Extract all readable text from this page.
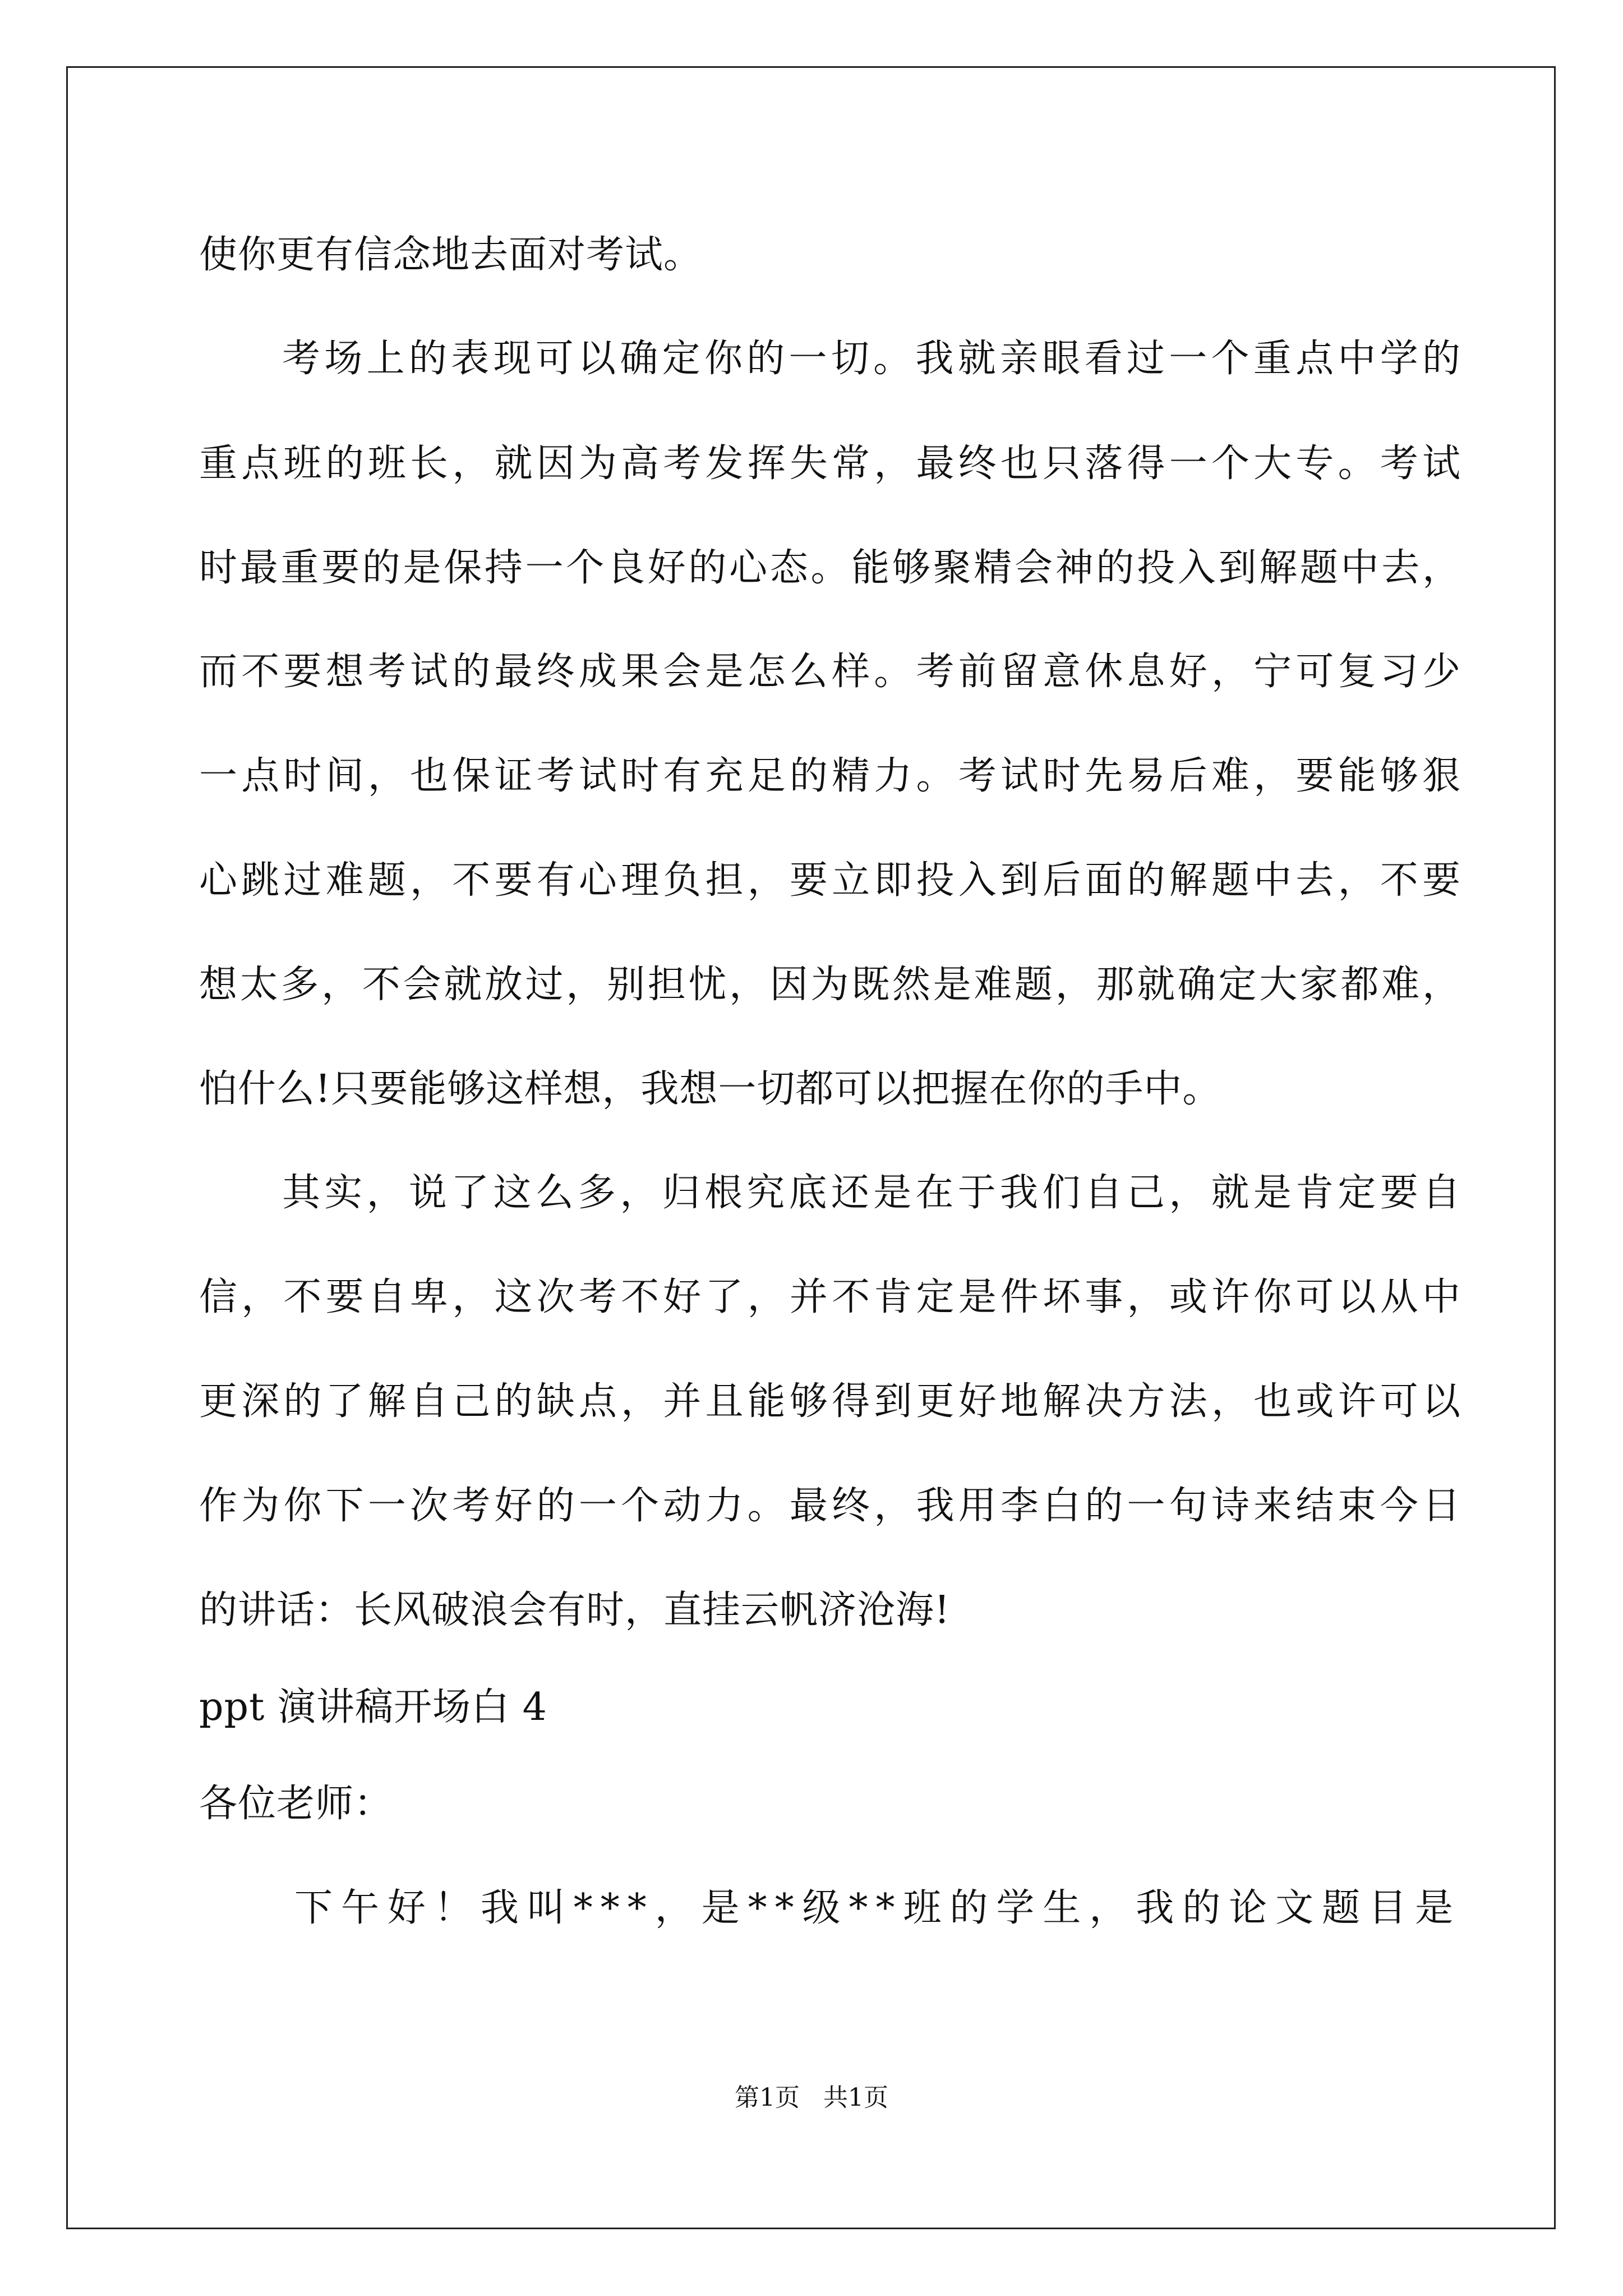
使你更有信念地去面对考试。
考场上的表现可以确定你的一切。我就亲眼看过一个重点中学的
重点班的班长，就因为高考发挥失常，最终也只落得一个大专。考试
时最重要的是保持一个良好的心态。能够聚精会神的投入到解题中去，
而不要想考试的最终成果会是怎么样。考前留意休息好，宁可复习少
一点时间，也保证考试时有充足的精力。考试时先易后难，要能够狠
心跳过难题，不要有心理负担，要立即投入到后面的解题中去，不要
想太多，不会就放过，别担忧，因为既然是难题，那就确定大家都难，
怕什么!只要能够这样想，我想一切都可以把握在你的手中。
其实，说了这么多，归根究底还是在于我们自己，就是肯定要自
信，不要自卑，这次考不好了，并不肯定是件坏事，或许你可以从中
更深的了解自己的缺点，并且能够得到更好地解决方法，也或许可以
作为你下一次考好的一个动力。最终，我用李白的一句诗来结束今日
的讲话：长风破浪会有时，直挂云帆济沧海!
ppt 演讲稿开场白 4
各位老师：
下午好！我叫***，是**级**班的学生，我的论文题目是
第1页 共1页
